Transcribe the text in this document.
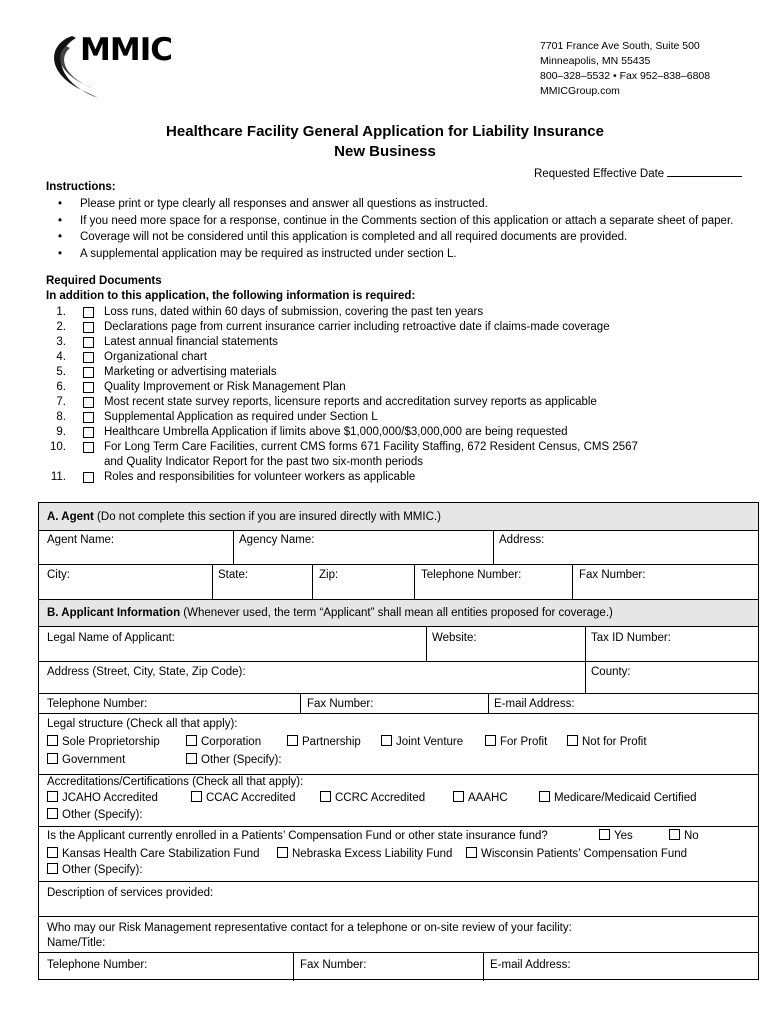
MMIC	7701 France Ave South, Suite 500
Minneapolis, MN 55435
800–328–5532 • Fax 952–838–6808
MMICGroup.com
Healthcare Facility General Application for Liability Insurance
New Business
Requested Effective Date
Instructions:
• Please print or type clearly all responses and answer all questions as instructed.
• If you need more space for a response, continue in the Comments section of this application or attach a separate sheet of paper.
• Coverage will not be considered until this application is completed and all required documents are provided.
• A supplemental application may be required as instructed under section L.
Required Documents
In addition to this application, the following information is required:
1.	Loss runs, dated within 60 days of submission, covering the past ten years
2.	Declarations page from current insurance carrier including retroactive date if claims-made coverage
3.	Latest annual financial statements
4.	Organizational chart
5.	Marketing or advertising materials
6.	Quality Improvement or Risk Management Plan
7.	Most recent state survey reports, licensure reports and accreditation survey reports as applicable
8.	Supplemental Application as required under Section L
9.	Healthcare Umbrella Application if limits above $1,000,000/$3,000,000 are being requested
10.	For Long Term Care Facilities, current CMS forms 671 Facility Staffing, 672 Resident Census, CMS 2567
and Quality Indicator Report for the past two six-month periods
11.	Roles and responsibilities for volunteer workers as applicable
A. Agent (Do not complete this section if you are insured directly with MMIC.)
Agent Name:	Agency Name:	Address:
City:	State:	Zip:	Telephone Number:	Fax Number:
B. Applicant Information (Whenever used, the term “Applicant” shall mean all entities proposed for coverage.)
Legal Name of Applicant:	Website:	Tax ID Number:
Address (Street, City, State, Zip Code):	County:
Telephone Number:	Fax Number:	E-mail Address:
Legal structure (Check all that apply):
Sole Proprietorship	Corporation	Partnership	Joint Venture	For Profit	Not for Profit
Government	Other (Specify):
Accreditations/Certifications (Check all that apply):
JCAHO Accredited	CCAC Accredited	CCRC Accredited	AAAHC	Medicare/Medicaid Certified
Other (Specify):
Is the Applicant currently enrolled in a Patients’ Compensation Fund or other state insurance fund?	Yes	No
Kansas Health Care Stabilization Fund	Nebraska Excess Liability Fund	Wisconsin Patients’ Compensation Fund
Other (Specify):
Description of services provided:
Who may our Risk Management representative contact for a telephone or on-site review of your facility:
Name/Title:
Telephone Number:	Fax Number:	E-mail Address:
